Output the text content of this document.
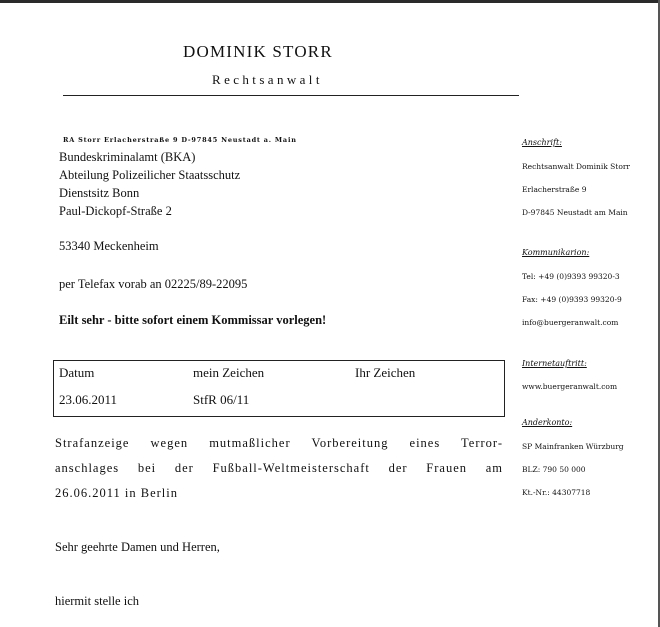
DOMINIK STORR
Rechtsanwalt
RA Storr Erlacherstraße 9 D-97845 Neustadt a. Main
Bundeskriminalamt (BKA)
Abteilung Polizeilicher Staatsschutz
Dienstsitz Bonn
Paul-Dickopf-Straße 2
53340 Meckenheim
per Telefax vorab an 02225/89-22095
Eilt sehr - bitte sofort einem Kommissar vorlegen!
Datum	mein Zeichen	Ihr Zeichen
23.06.2011	StfR 06/11
Strafanzeige wegen mutmaßlicher Vorbereitung eines Terror-
anschlages bei der Fußball-Weltmeisterschaft der Frauen am
26.06.2011 in Berlin
Sehr geehrte Damen und Herren,
hiermit stelle ich
Anschrift:
Rechtsanwalt Dominik Storr
Erlacherstraße 9
D-97845 Neustadt am Main
Kommunikarion:
Tel: +49 (0)9393 99320-3
Fax: +49 (0)9393 99320-9
info@buergeranwalt.com
Internetauftritt:
www.buergeranwalt.com
Anderkonto:
SP Mainfranken Würzburg
BLZ: 790 50 000
Kt.-Nr.: 44307718
